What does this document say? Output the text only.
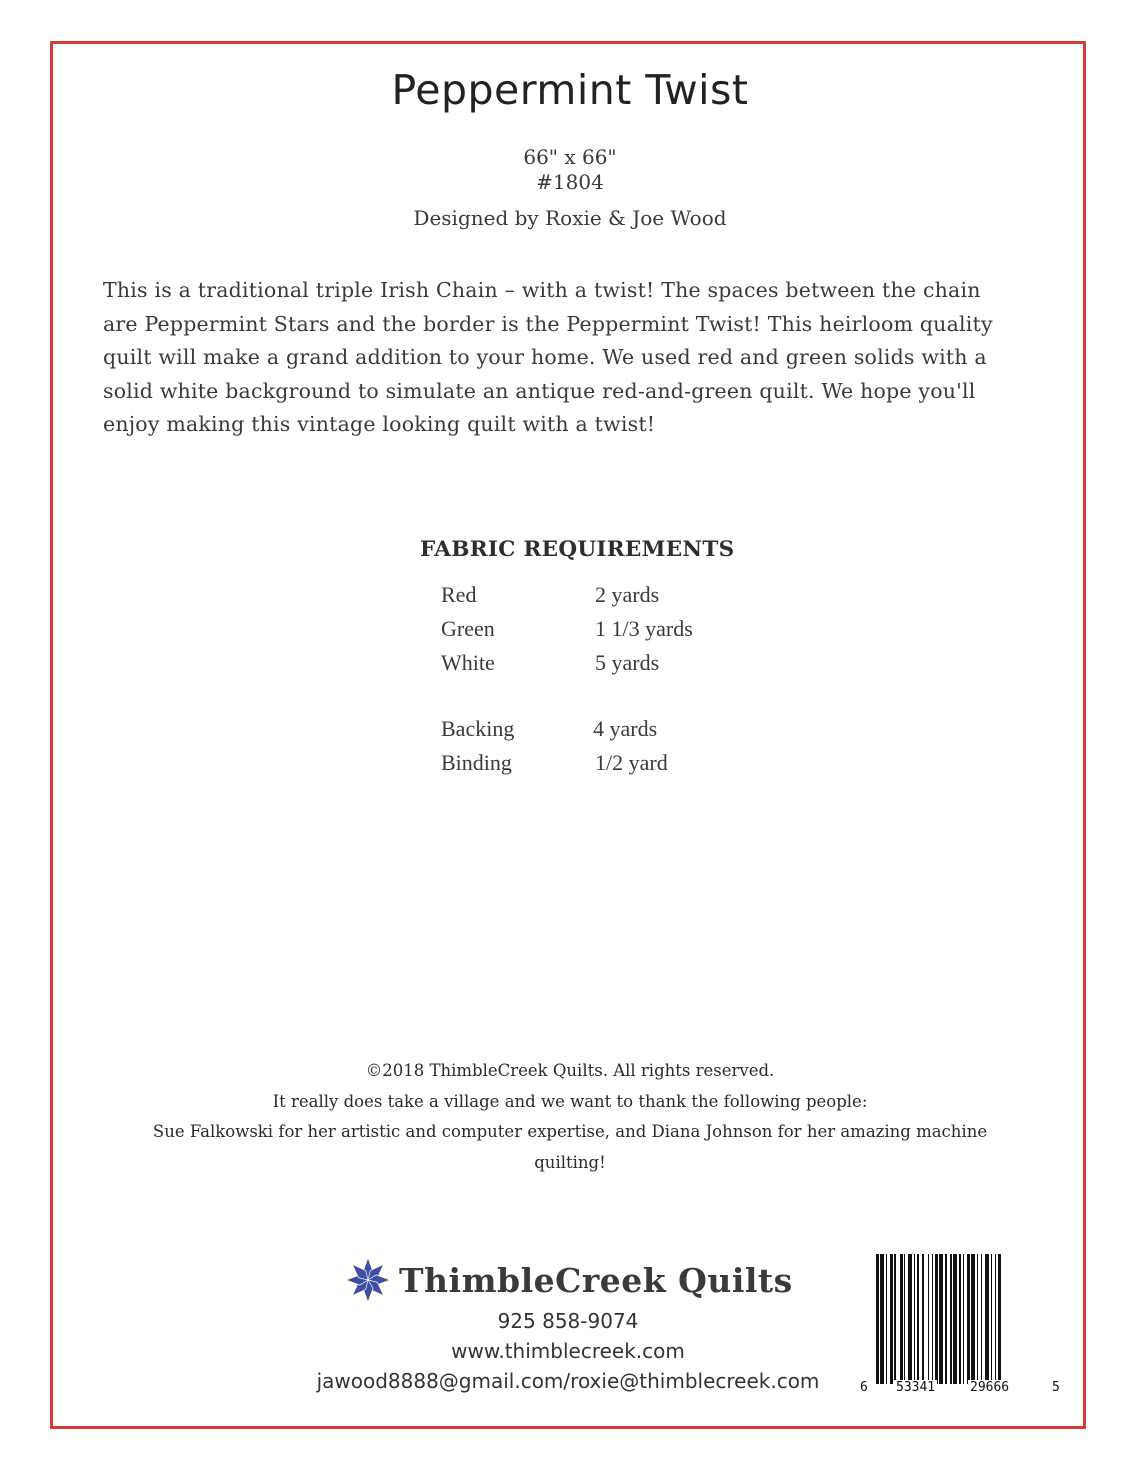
Peppermint Twist
66" x 66"
#1804
Designed by Roxie & Joe Wood

This is a traditional triple Irish Chain – with a twist! The spaces between the chain

are Peppermint Stars and the border is the Peppermint Twist! This heirloom quality

quilt will make a grand addition to your home. We used red and green solids with a

solid white background to simulate an antique red-and-green quilt. We hope you'll

enjoy making this vintage looking quilt with a twist!

FABRIC REQUIREMENTS
Red	2 yards
Green	1 1/3 yards
White	5 yards
Backing	4 yards
Binding	1/2 yard

©2018 ThimbleCreek Quilts. All rights reserved.

It really does take a village and we want to thank the following people:

Sue Falkowski for her artistic and computer expertise, and Diana Johnson for her amazing machine

quilting!

ThimbleCreek Quilts
925 858-9074
www.thimblecreek.com
jawood8888@gmail.com/roxie@thimblecreek.com	6 53341	29666	5
